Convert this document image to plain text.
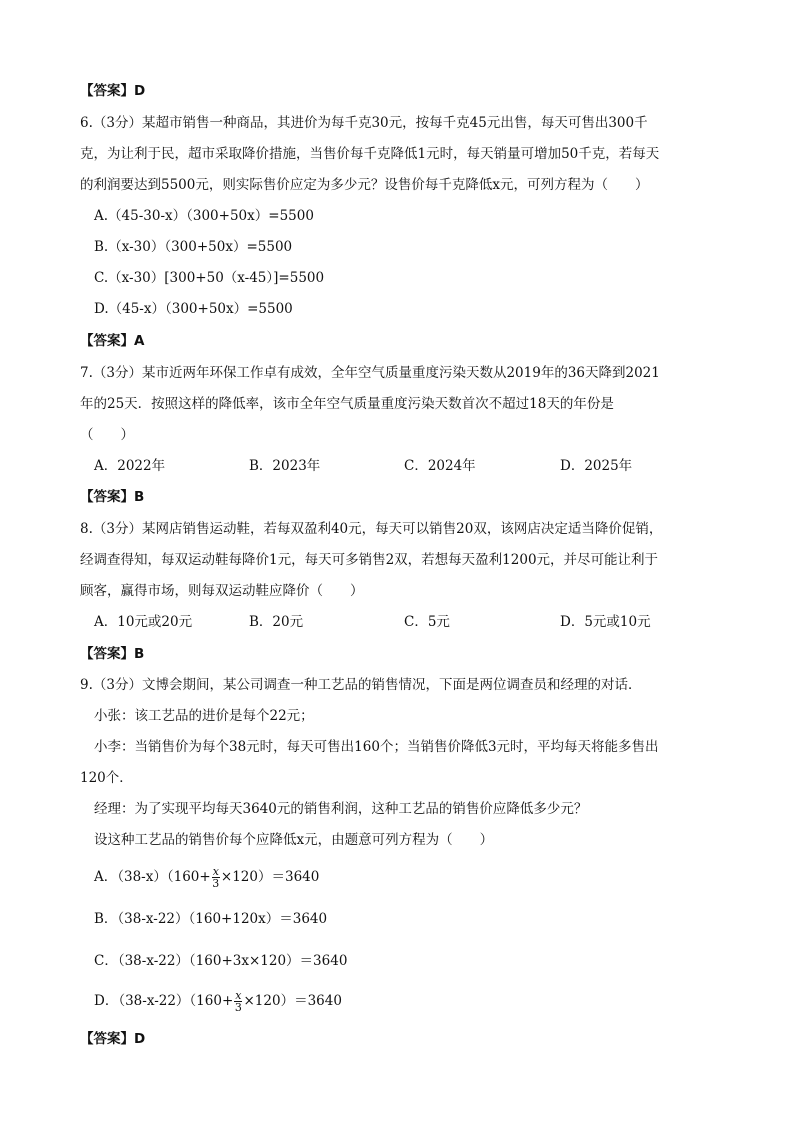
【答案】D
6.（3分）某超市销售一种商品，其进价为每千克30元，按每千克45元出售，每天可售出300千
克，为让利于民，超市采取降价措施，当售价每千克降低1元时，每天销量可增加50千克，若每天
的利润要达到5500元，则实际售价应定为多少元？设售价每千克降低x元，可列方程为（　　）
A.（45-30-x）（300+50x）=5500
B.（x-30）（300+50x）=5500
C.（x-30）[300+50（x-45）]=5500
D.（45-x）（300+50x）=5500
【答案】A
7.（3分）某市近两年环保工作卓有成效，全年空气质量重度污染天数从2019年的36天降到2021
年的25天．按照这样的降低率，该市全年空气质量重度污染天数首次不超过18天的年份是
（　　）
A．2022年	B．2023年	C．2024年	D．2025年
【答案】B
8.（3分）某网店销售运动鞋，若每双盈利40元，每天可以销售20双，该网店决定适当降价促销，
经调查得知，每双运动鞋每降价1元，每天可多销售2双，若想每天盈利1200元，并尽可能让利于
顾客，赢得市场，则每双运动鞋应降价（　　）
A．10元或20元	B．20元	C．5元	D．5元或10元
【答案】B
9.（3分）文博会期间，某公司调查一种工艺品的销售情况，下面是两位调查员和经理的对话．
小张：该工艺品的进价是每个22元；
小李：当销售价为每个38元时，每天可售出160个；当销售价降低3元时，平均每天将能多售出
120个．
经理：为了实现平均每天3640元的销售利润，这种工艺品的销售价应降低多少元？
设这种工艺品的销售价每个应降低x元，由题意可列方程为（　　）
A．$(38-x)(160+ \frac{x}{3} \times 120)=3640$
B．（38-x-22）（160+120x）＝3640
C．（38-x-22）（160+3x×120）＝3640
D．$(38-x-22)(160+ \frac{x}{3} \times 120)=3640$
【答案】D
